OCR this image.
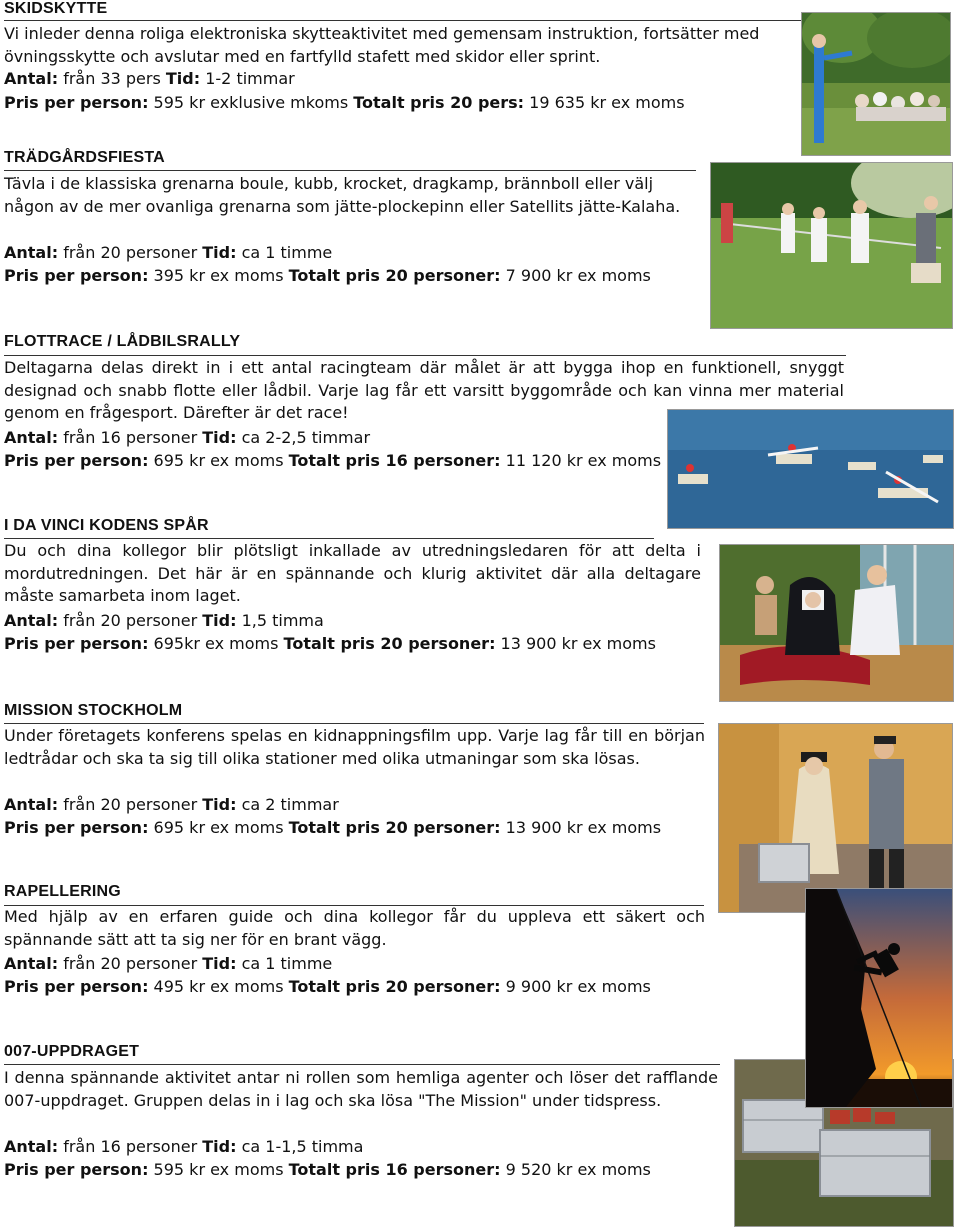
SKIDSKYTTE

Vi inleder denna roliga elektroniska skytteaktivitet med gemensam instruktion, fortsätter med övningsskytte och avslutar med en fartfylld stafett med skidor eller sprint.

Antal: från 33 pers Tid: 1-2 timmar
Pris per person: 595 kr exklusive mkoms Totalt pris 20 pers: 19 635 kr ex moms
TRÄDGÅRDSFIESTA

Tävla i de klassiska grenarna boule, kubb, krocket, dragkamp, brännboll eller välj någon av de mer ovanliga grenarna som jätte-plockepinn eller Satellits jätte-Kalaha.

Antal: från 20 personer Tid: ca 1 timme
Pris per person: 395 kr ex moms Totalt pris 20 personer: 7 900 kr ex moms
FLOTTRACE / LÅDBILSRALLY

Deltagarna delas direkt in i ett antal racingteam där målet är att bygga ihop en funktionell, snyggt designad och snabb flotte eller lådbil. Varje lag får ett varsitt byggområde och kan vinna mer material genom en frågesport. Därefter är det race!

Antal: från 16 personer Tid: ca 2-2,5 timmar
Pris per person: 695 kr ex moms Totalt pris 16 personer: 11 120 kr ex moms
I DA VINCI KODENS SPÅR

Du och dina kollegor blir plötsligt inkallade av utredningsledaren för att delta i mordutredningen. Det här är en spännande och klurig aktivitet där alla deltagare måste samarbeta inom laget.

Antal: från 20 personer Tid: 1,5 timma
Pris per person: 695kr ex moms Totalt pris 20 personer: 13 900 kr ex moms
MISSION STOCKHOLM

Under företagets konferens spelas en kidnappningsfilm upp. Varje lag får till en början ledtrådar och ska ta sig till olika stationer med olika utmaningar som ska lösas.

Antal: från 20 personer Tid: ca 2 timmar
Pris per person: 695 kr ex moms Totalt pris 20 personer: 13 900 kr ex moms
RAPELLERING

Med hjälp av en erfaren guide och dina kollegor får du uppleva ett säkert och spännande sätt att ta sig ner för en brant vägg.

Antal: från 20 personer Tid: ca 1 timme
Pris per person: 495 kr ex moms Totalt pris 20 personer: 9 900 kr ex moms
007-UPPDRAGET

I denna spännande aktivitet antar ni rollen som hemliga agenter och löser det rafflande 007-uppdraget. Gruppen delas in i lag och ska lösa "The Mission" under tidspress.

Antal: från 16 personer Tid: ca 1-1,5 timma
Pris per person: 595 kr ex moms Totalt pris 16 personer: 9 520 kr ex moms
